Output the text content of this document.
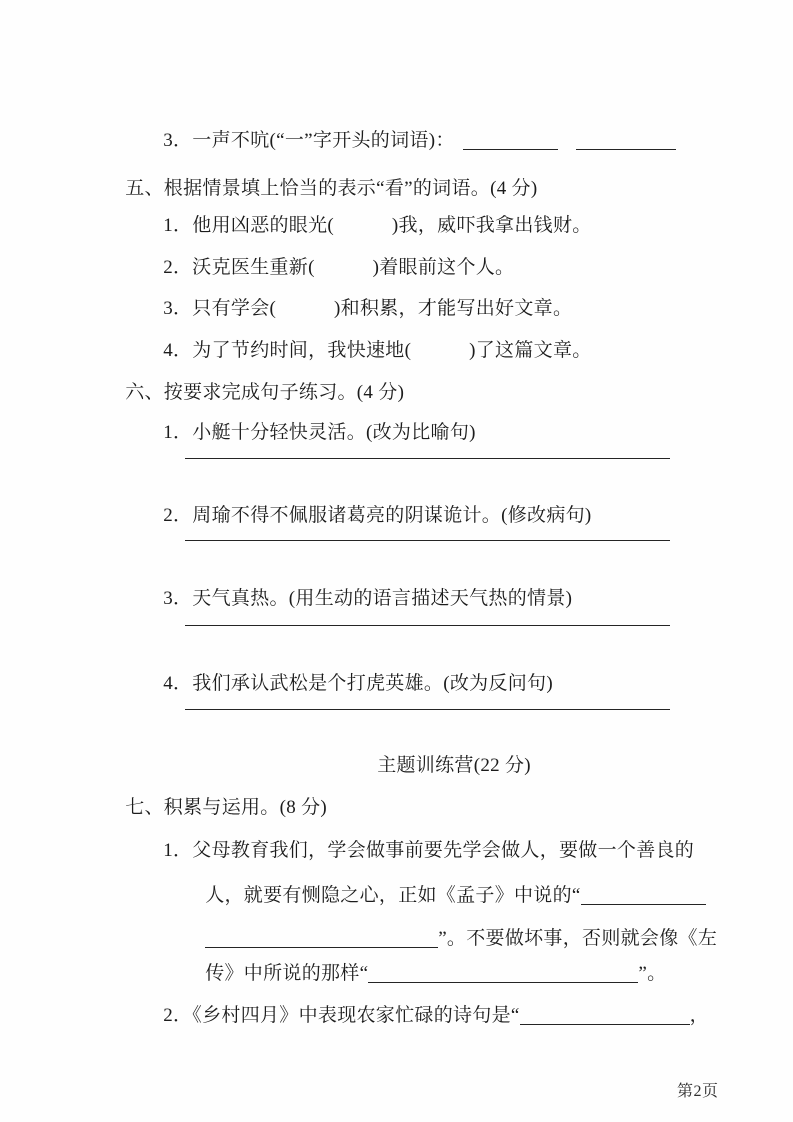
3．一声不吭(“一”字开头的词语)：

五、根据情景填上恰当的表示“看”的词语。(4 分)

1．他用凶恶的眼光(　　　)我，威吓我拿出钱财。

2．沃克医生重新(　　　)着眼前这个人。

3．只有学会(　　　)和积累，才能写出好文章。

4．为了节约时间，我快速地(　　　)了这篇文章。

六、按要求完成句子练习。(4 分)

1．小艇十分轻快灵活。(改为比喻句)

2．周瑜不得不佩服诸葛亮的阴谋诡计。(修改病句)

3．天气真热。(用生动的语言描述天气热的情景)

4．我们承认武松是个打虎英雄。(改为反问句)

主题训练营(22 分)

七、积累与运用。(8 分)

1．父母教育我们，学会做事前要先学会做人，要做一个善良的

人，就要有恻隐之心，正如《孟子》中说的“

”。不要做坏事，否则就会像《左

传》中所说的那样“	”。

2．《乡村四月》中表现农家忙碌的诗句是“	，

第2页
